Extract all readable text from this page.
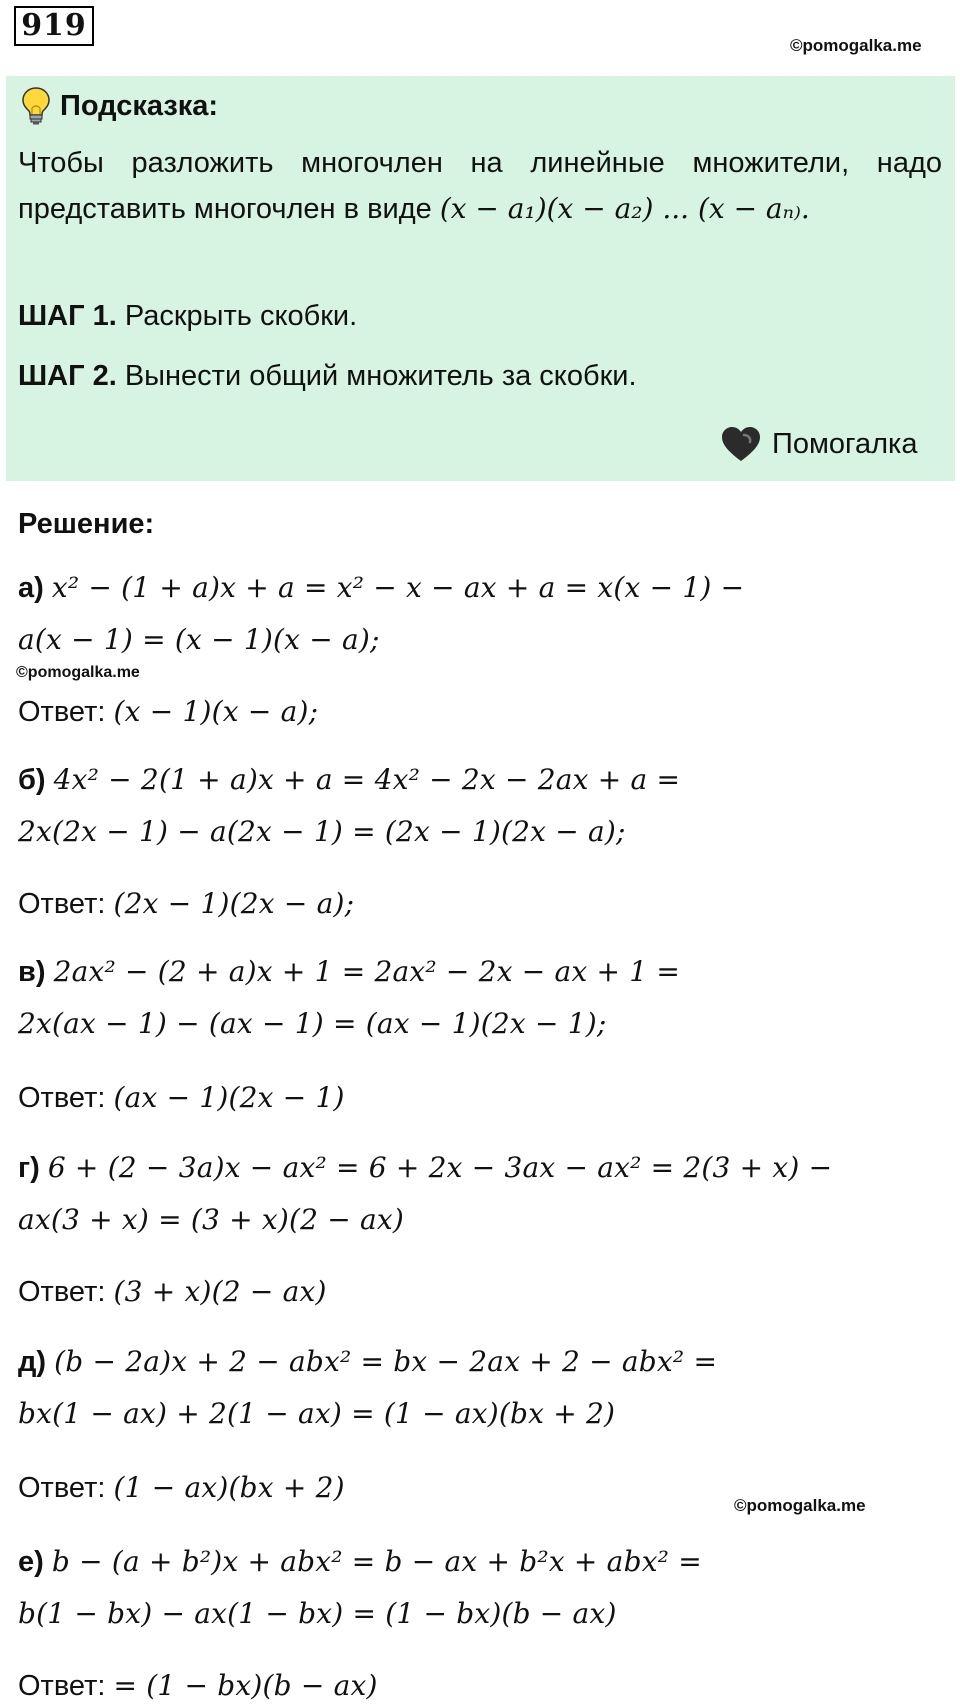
919
©pomogalka.me
Подсказка:
Чтобы разложить многочлен на линейные множители, надо представить многочлен в виде (x − a₁)(x − a₂) ... (x − aₙ₎.
ШАГ 1. Раскрыть скобки.
ШАГ 2. Вынести общий множитель за скобки.
Помогалка
Решение:
а) x² − (1 + a)x + a = x² − x − ax + a = x(x − 1) −
a(x − 1) = (x − 1)(x − a);
Ответ: (x − 1)(x − a);
б) 4x² − 2(1 + a)x + a = 4x² − 2x − 2ax + a =
2x(2x − 1) − a(2x − 1) = (2x − 1)(2x − a);
Ответ: (2x − 1)(2x − a);
в) 2ax² − (2 + a)x + 1 = 2ax² − 2x − ax + 1 =
2x(ax − 1) − (ax − 1) = (ax − 1)(2x − 1);
Ответ: (ax − 1)(2x − 1)
г) 6 + (2 − 3a)x − ax² = 6 + 2x − 3ax − ax² = 2(3 + x) −
ax(3 + x) = (3 + x)(2 − ax)
Ответ: (3 + x)(2 − ax)
д) (b − 2a)x + 2 − abx² = bx − 2ax + 2 − abx² =
bx(1 − ax) + 2(1 − ax) = (1 − ax)(bx + 2)
Ответ: (1 − ax)(bx + 2)
е) b − (a + b²)x + abx² = b − ax + b²x + abx² =
b(1 − bx) − ax(1 − bx) = (1 − bx)(b − ax)
Ответ: = (1 − bx)(b − ax)
©pomogalka.me
©pomogalka.me
